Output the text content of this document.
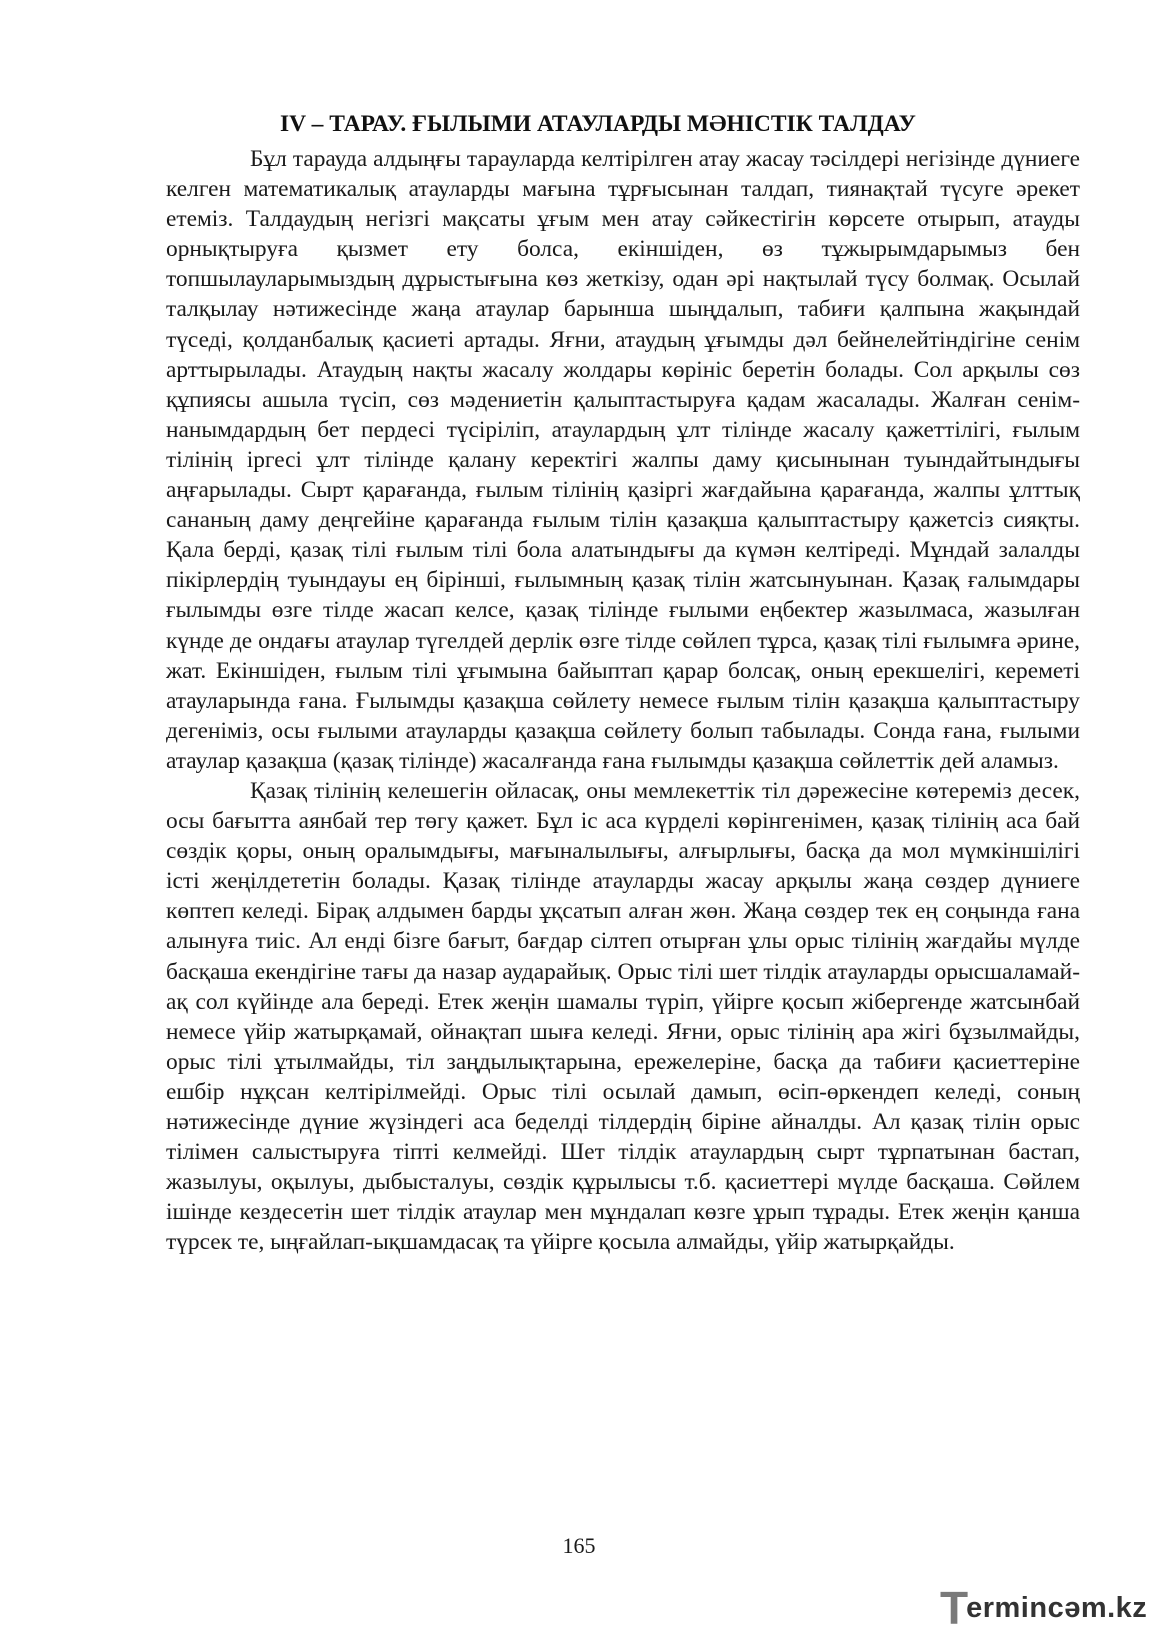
IV – ТАРАУ. ҒЫЛЫМИ АТАУЛАРДЫ МӘНІСТІК ТАЛДАУ

Бұл тарауда алдыңғы тарауларда келтірілген атау жасау тәсілдері негізінде дүниеге келген математикалық атауларды мағына тұрғысынан талдап, тиянақтай түсуге әрекет етеміз. Талдаудың негізгі мақсаты ұғым мен атау сәйкестігін көрсете отырып, атауды орнықтыруға қызмет ету болса, екіншіден, өз тұжырымдарымыз бен топшылауларымыздың дұрыстығына көз жеткізу, одан әрі нақтылай түсу болмақ. Осылай талқылау нәтижесінде жаңа атаулар барынша шыңдалып, табиғи қалпына жақындай түседі, қолданбалық қасиеті артады. Яғни, атаудың ұғымды дәл бейнелейтіндігіне сенім арттырылады. Атаудың нақты жасалу жолдары көрініс беретін болады. Сол арқылы сөз құпиясы ашыла түсіп, сөз мәдениетін қалыптастыруға қадам жасалады. Жалған сенім-нанымдардың бет пердесі түсіріліп, атаулардың ұлт тілінде жасалу қажеттілігі, ғылым тілінің іргесі ұлт тілінде қалану керектігі жалпы даму қисынынан туындайтындығы аңғарылады. Сырт қарағанда, ғылым тілінің қазіргі жағдайына қарағанда, жалпы ұлттық сананың даму деңгейіне қарағанда ғылым тілін қазақша қалыптастыру қажетсіз сияқты. Қала берді, қазақ тілі ғылым тілі бола алатындығы да күмән келтіреді. Мұндай залалды пікірлердің туындауы ең біріншi, ғылымның қазақ тілін жатсынуынан. Қазақ ғалымдары ғылымды өзге тілде жасап келсе, қазақ тілінде ғылыми еңбектер жазылмаса, жазылған күнде де ондағы атаулар түгелдей дерлік өзге тілде сөйлеп тұрса, қазақ тілі ғылымға әрине, жат. Екіншіден, ғылым тілі ұғымына байыптап қарар болсақ, оның ерекшелігі, кереметі атауларында ғана. Ғылымды қазақша сөйлету немесе ғылым тілін қазақша қалыптастыру дегеніміз, осы ғылыми атауларды қазақша сөйлету болып табылады. Сонда ғана, ғылыми атаулар қазақша (қазақ тілінде) жасалғанда ғана ғылымды қазақша сөйлеттік дей аламыз.

Қазақ тілінің келешегін ойласақ, оны мемлекеттік тіл дәрежесіне көтереміз десек, осы бағытта аянбай тер төгу қажет. Бұл іс аса күрделі көрінгенімен, қазақ тілінің аса бай сөздік қоры, оның оралымдығы, мағыналылығы, алғырлығы, басқа да мол мүмкіншілігі істі жеңілдететін болады. Қазақ тілінде атауларды жасау арқылы жаңа сөздер дүниеге көптеп келеді. Бірақ алдымен барды ұқсатып алған жөн. Жаңа сөздер тек ең соңында ғана алынуға тиіс. Ал енді бізге бағыт, бағдар сілтеп отырған ұлы орыс тілінің жағдайы мүлде басқаша екендігіне тағы да назар аударайық. Орыс тілі шет тілдік атауларды орысшаламай-ақ сол күйінде ала береді. Етек жеңін шамалы түріп, үйірге қосып жібергенде жатсынбай немесе үйір жатырқамай, ойнақтап шыға келеді. Яғни, орыс тілінің ара жігі бұзылмайды, орыс тілі ұтылмайды, тіл заңдылықтарына, ережелеріне, басқа да табиғи қасиеттеріне ешбір нұқсан келтірілмейді. Орыс тілі осылай дамып, өсіп-өркендеп келеді, соның нәтижесінде дүние жүзіндегі аса беделді тілдердің біріне айналды. Ал қазақ тілін орыс тілімен салыстыруға тіпті келмейді. Шет тілдік атаулардың сырт тұрпатынан бастап, жазылуы, оқылуы, дыбысталуы, сөздік құрылысы т.б. қасиеттері мүлде басқаша. Сөйлем ішінде кездесетін шет тілдік атаулар мен мұндалап көзге ұрып тұрады. Етек жеңін қанша түрсек те, ыңғайлап-ықшамдасақ та үйірге қосыла алмайды, үйір жатырқайды.

165
T ermincәm.kz
